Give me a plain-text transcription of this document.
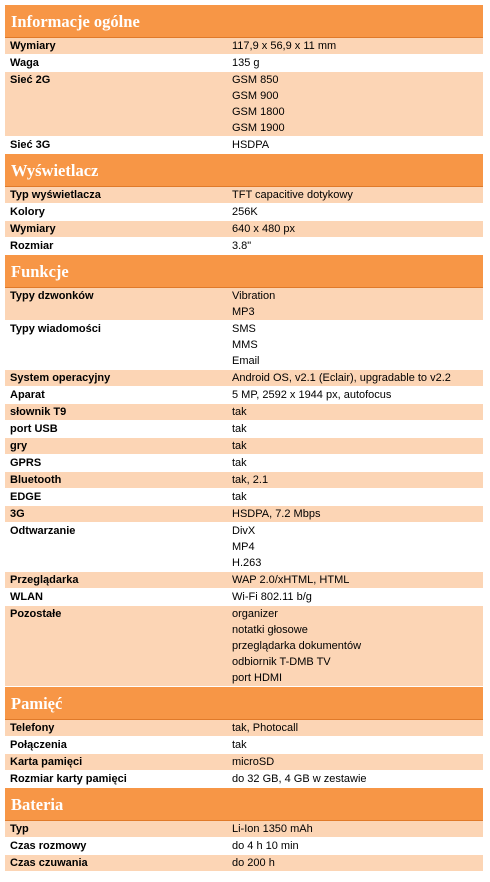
Informacje ogólne
Wymiary	117,9 x 56,9 x 11 mm
Waga	135 g
Sieć 2G	GSM 850
GSM 900
GSM 1800
GSM 1900
Sieć 3G	HSDPA
Wyświetlacz
Typ wyświetlacza	TFT capacitive dotykowy
Kolory	256K
Wymiary	640 x 480 px
Rozmiar	3.8"
Funkcje
Typy dzwonków	Vibration
MP3
Typy wiadomości	SMS
MMS
Email
System operacyjny	Android OS, v2.1 (Eclair), upgradable to v2.2
Aparat	5 MP, 2592 x 1944 px, autofocus
słownik T9	tak
port USB	tak
gry	tak
GPRS	tak
Bluetooth	tak, 2.1
EDGE	tak
3G	HSDPA, 7.2 Mbps
Odtwarzanie	DivX
MP4
H.263
Przeglądarka	WAP 2.0/xHTML, HTML
WLAN	Wi-Fi 802.11 b/g
Pozostałe	organizer
notatki głosowe
przeglądarka dokumentów
odbiornik T-DMB TV
port HDMI
Pamięć
Telefony	tak, Photocall
Połączenia	tak
Karta pamięci	microSD
Rozmiar karty pamięci	do 32 GB, 4 GB w zestawie
Bateria
Typ	Li-Ion 1350 mAh
Czas rozmowy	do 4 h 10 min
Czas czuwania	do 200 h
